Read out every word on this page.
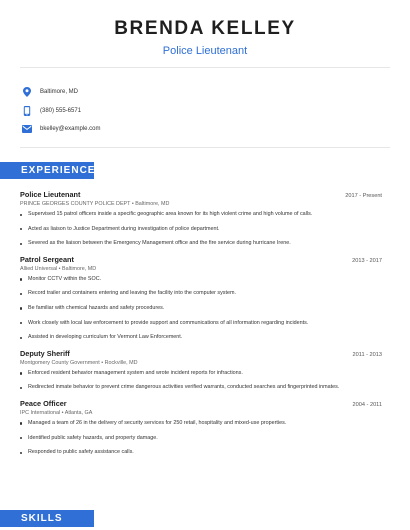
BRENDA KELLEY
Police Lieutenant
Baltimore, MD
(380) 555-6571
bkelley@example.com
EXPERIENCE
Police Lieutenant	2017 - Present
PRINCE GEORGES COUNTY POLICE DEPT • Baltimore, MD
Supervised 15 patrol officers inside a specific geographic area known for its high violent crime and high volume of calls.
Acted as liaison to Justice Department during investigation of police department.
Severed as the liaison between the Emergency Management office and the fire service during hurricane Irene.
Patrol Sergeant	2013 - 2017
Allied Universal • Baltimore, MD
Monitor CCTV within the SOC.
Record trailer and containers entering and leaving the facility into the computer system.
Be familiar with chemical hazards and safety procedures.
Work closely with local law enforcement to provide support and communications of all information regarding incidents.
Assisted in developing curriculum for Vermont Law Enforcement.
Deputy Sheriff	2011 - 2013
Montgomery County Government • Rockville, MD
Enforced resident behavior management system and wrote incident reports for infractions.
Redirected inmate behavior to prevent crime dangerous activities verified warrants, conducted searches and fingerprinted inmates.
Peace Officer	2004 - 2011
IPC International • Atlanta, GA
Managed a team of 26 in the delivery of security services for 250 retail, hospitality and mixed-use properties.
Identified public safety hazards, and property damage.
Responded to public safety assistance calls.
SKILLS
